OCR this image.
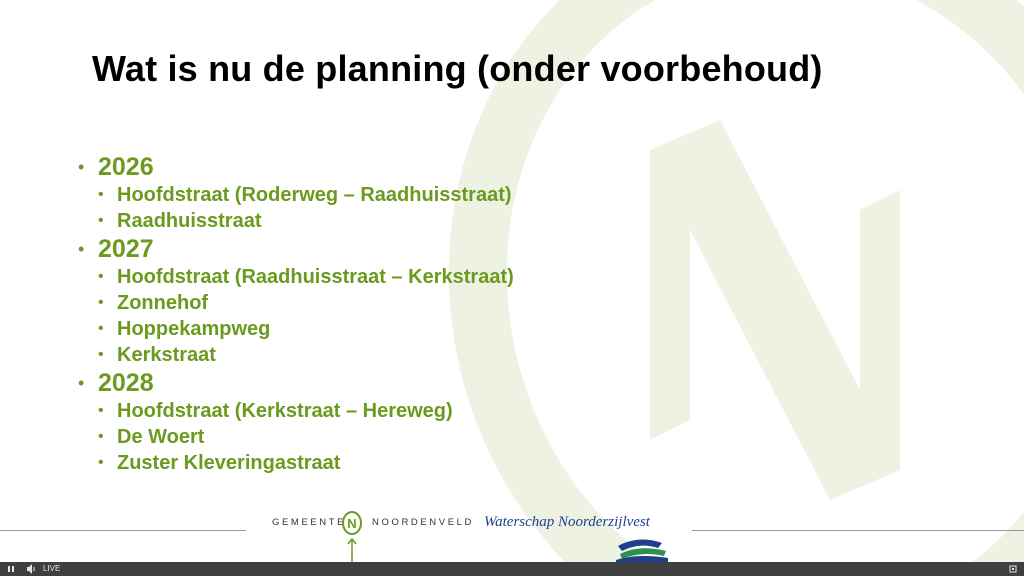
Wat is nu de planning (onder voorbehoud)
• 2026
• Hoofdstraat (Roderweg – Raadhuisstraat)
• Raadhuisstraat
• 2027
• Hoofdstraat (Raadhuisstraat – Kerkstraat)
• Zonnehof
• Hoppekampweg
• Kerkstraat
• 2028
• Hoofdstraat (Kerkstraat – Hereweg)
• De Woert
• Zuster Kleveringastraat
GEMEENTE N NOORDENVELD Waterschap Noorderzijlvest
LIVE
